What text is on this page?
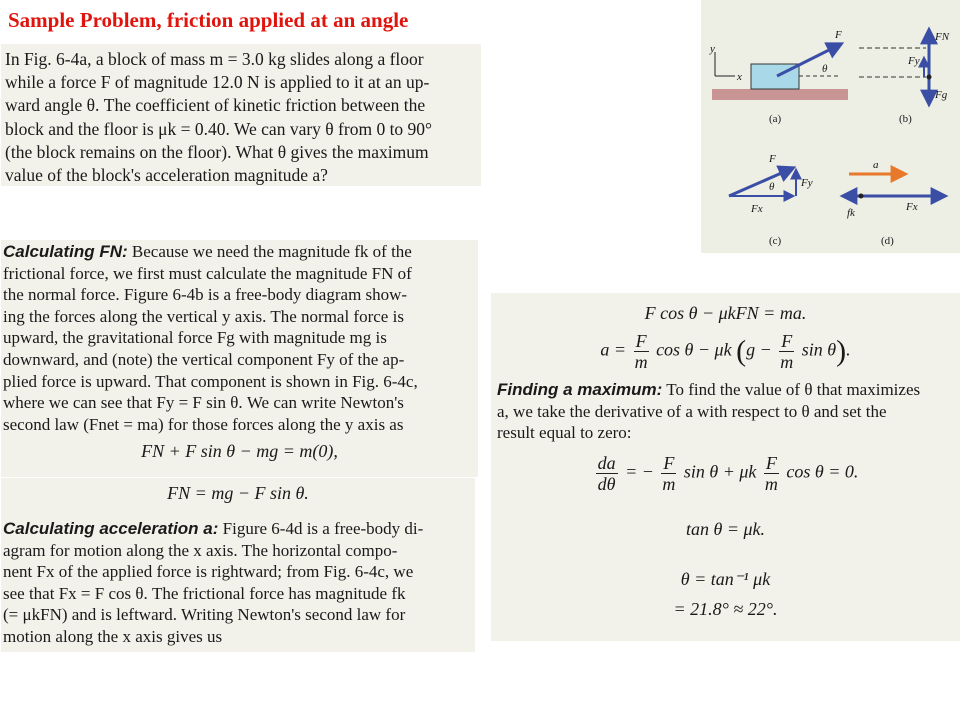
Sample Problem, friction applied at an angle
In Fig. 6-4a, a block of mass m = 3.0 kg slides along a floor
while a force F of magnitude 12.0 N is applied to it at an up-
ward angle θ. The coefficient of kinetic friction between the
block and the floor is μk = 0.40. We can vary θ from 0 to 90°
(the block remains on the floor). What θ gives the maximum
value of the block's acceleration magnitude a?
Calculating FN: Because we need the magnitude fk of the
frictional force, we first must calculate the magnitude FN of
the normal force. Figure 6-4b is a free-body diagram show-
ing the forces along the vertical y axis. The normal force is
upward, the gravitational force Fg with magnitude mg is
downward, and (note) the vertical component Fy of the ap-
plied force is upward. That component is shown in Fig. 6-4c,
where we can see that Fy = F sin θ. We can write Newton's
second law (Fnet = ma) for those forces along the y axis as
FN + F sin θ − mg = m(0),
FN = mg − F sin θ.
Calculating acceleration a: Figure 6-4d is a free-body di-
agram for motion along the x axis. The horizontal compo-
nent Fx of the applied force is rightward; from Fig. 6-4c, we
see that Fx = F cos θ. The frictional force has magnitude fk
(= μkFN) and is leftward. Writing Newton's second law for
motion along the x axis gives us
F cos θ − μkFN = ma.
$a = \frac{F}{m}$ cos θ − μk ($g - \frac{F}{m}$ sin θ).
Finding a maximum: To find the value of θ that maximizes
a, we take the derivative of a with respect to θ and set the
result equal to zero:
$\frac{da}{d\theta}$ = − $\frac{F}{m}$ sin θ + μk $\frac{F}{m}$ cos θ = 0.
tan θ = μk.
θ = tan⁻¹ μk
= 21.8° ≈ 22°.
y
x
θ
F
(a)
FN
Fy
Fg
(b)
θ
F
Fy
Fx
(c)
a
Fx
fk
(d)
